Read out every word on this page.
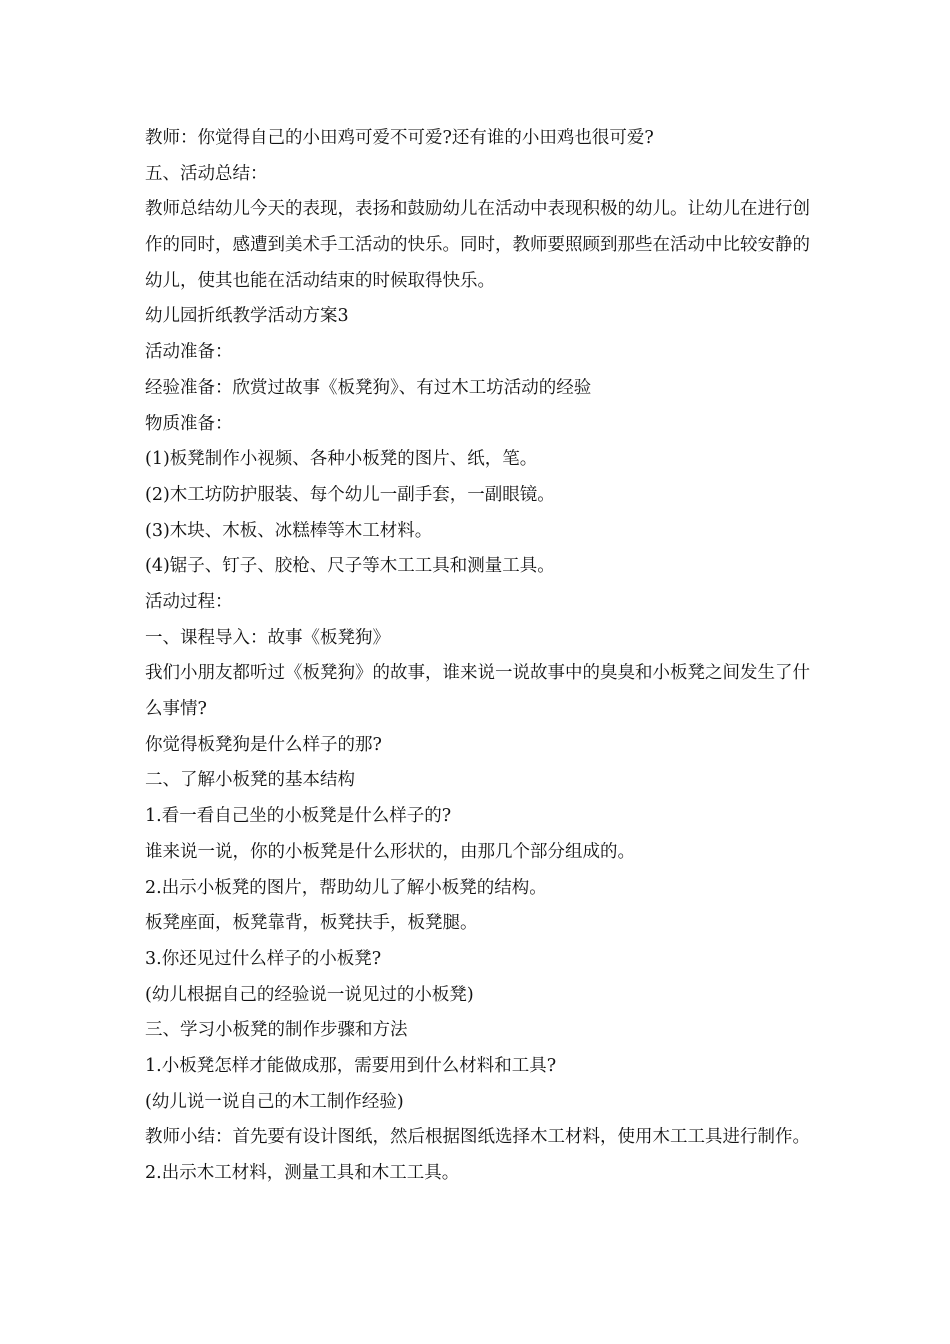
教师：你觉得自己的小田鸡可爱不可爱?还有谁的小田鸡也很可爱?
五、活动总结：
教师总结幼儿今天的表现，表扬和鼓励幼儿在活动中表现积极的幼儿。让幼儿在进行创作的同时，感遭到美术手工活动的快乐。同时，教师要照顾到那些在活动中比较安静的幼儿，使其也能在活动结束的时候取得快乐。
幼儿园折纸教学活动方案3
活动准备：
经验准备：欣赏过故事《板凳狗》、有过木工坊活动的经验
物质准备：
(1)板凳制作小视频、各种小板凳的图片、纸，笔。
(2)木工坊防护服装、每个幼儿一副手套，一副眼镜。
(3)木块、木板、冰糕棒等木工材料。
(4)锯子、钉子、胶枪、尺子等木工工具和测量工具。
活动过程：
一、课程导入：故事《板凳狗》
我们小朋友都听过《板凳狗》的故事，谁来说一说故事中的臭臭和小板凳之间发生了什么事情?
你觉得板凳狗是什么样子的那?
二、了解小板凳的基本结构
1.看一看自己坐的小板凳是什么样子的?
谁来说一说，你的小板凳是什么形状的，由那几个部分组成的。
2.出示小板凳的图片，帮助幼儿了解小板凳的结构。
板凳座面，板凳靠背，板凳扶手，板凳腿。
3.你还见过什么样子的小板凳?
(幼儿根据自己的经验说一说见过的小板凳)
三、学习小板凳的制作步骤和方法
1.小板凳怎样才能做成那，需要用到什么材料和工具?
(幼儿说一说自己的木工制作经验)
教师小结：首先要有设计图纸，然后根据图纸选择木工材料，使用木工工具进行制作。
2.出示木工材料，测量工具和木工工具。
